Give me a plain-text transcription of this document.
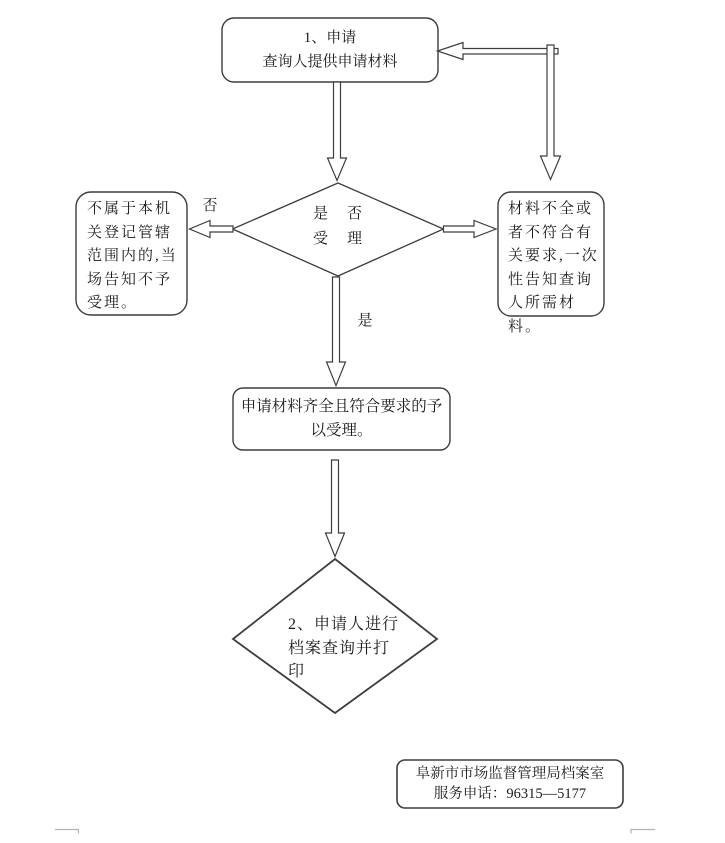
1、申请
查询人提供申请材料
是　否
受　理
否
是
不属于本机
关登记管辖
范围内的,当
场告知不予
受理。
材料不全或
者不符合有
关要求,一次
性告知查询
人所需材料。
申请材料齐全且符合要求的予
以受理。
2、申请人进行
档案查询并打
印
阜新市市场监督管理局档案室
服务申话：96315—5177
